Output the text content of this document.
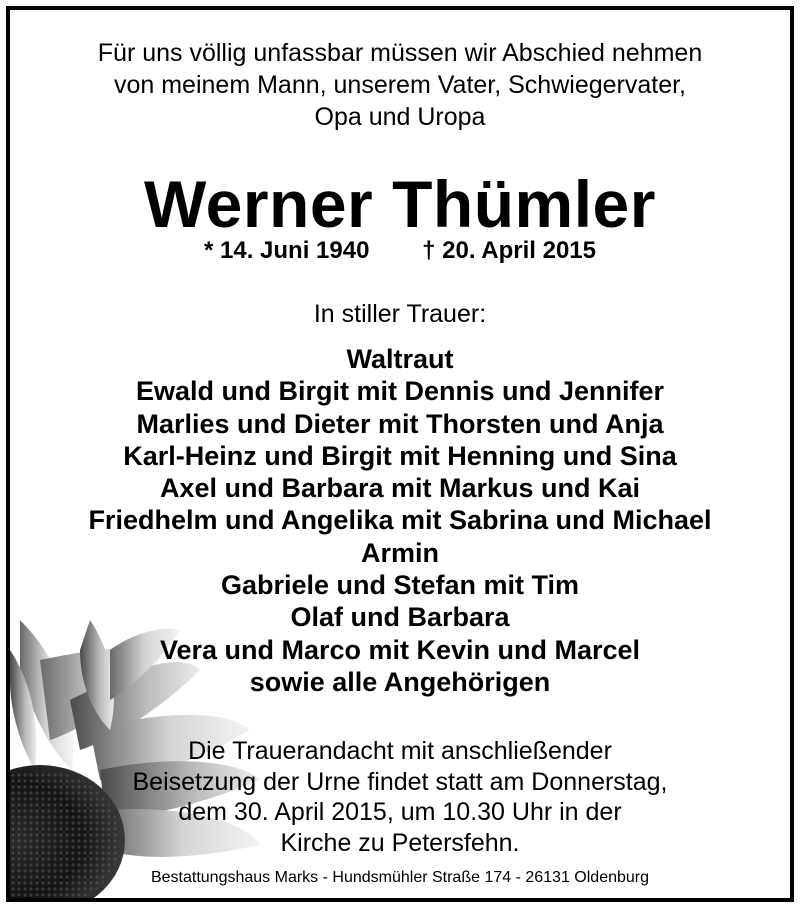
Für uns völlig unfassbar müssen wir Abschied nehmen
von meinem Mann, unserem Vater, Schwiegervater,
Opa und Uropa

Werner Thümler

* 14. Juni 1940 † 20. April 2015

In stiller Trauer:

Waltraut
Ewald und Birgit mit Dennis und Jennifer
Marlies und Dieter mit Thorsten und Anja
Karl-Heinz und Birgit mit Henning und Sina
Axel und Barbara mit Markus und Kai
Friedhelm und Angelika mit Sabrina und Michael
Armin
Gabriele und Stefan mit Tim
Olaf und Barbara
Vera und Marco mit Kevin und Marcel
sowie alle Angehörigen

Die Trauerandacht mit anschließender
Beisetzung der Urne findet statt am Donnerstag,
dem 30. April 2015, um 10.30 Uhr in der
Kirche zu Petersfehn.

Bestattungshaus Marks - Hundsmühler Straße 174 - 26131 Oldenburg
